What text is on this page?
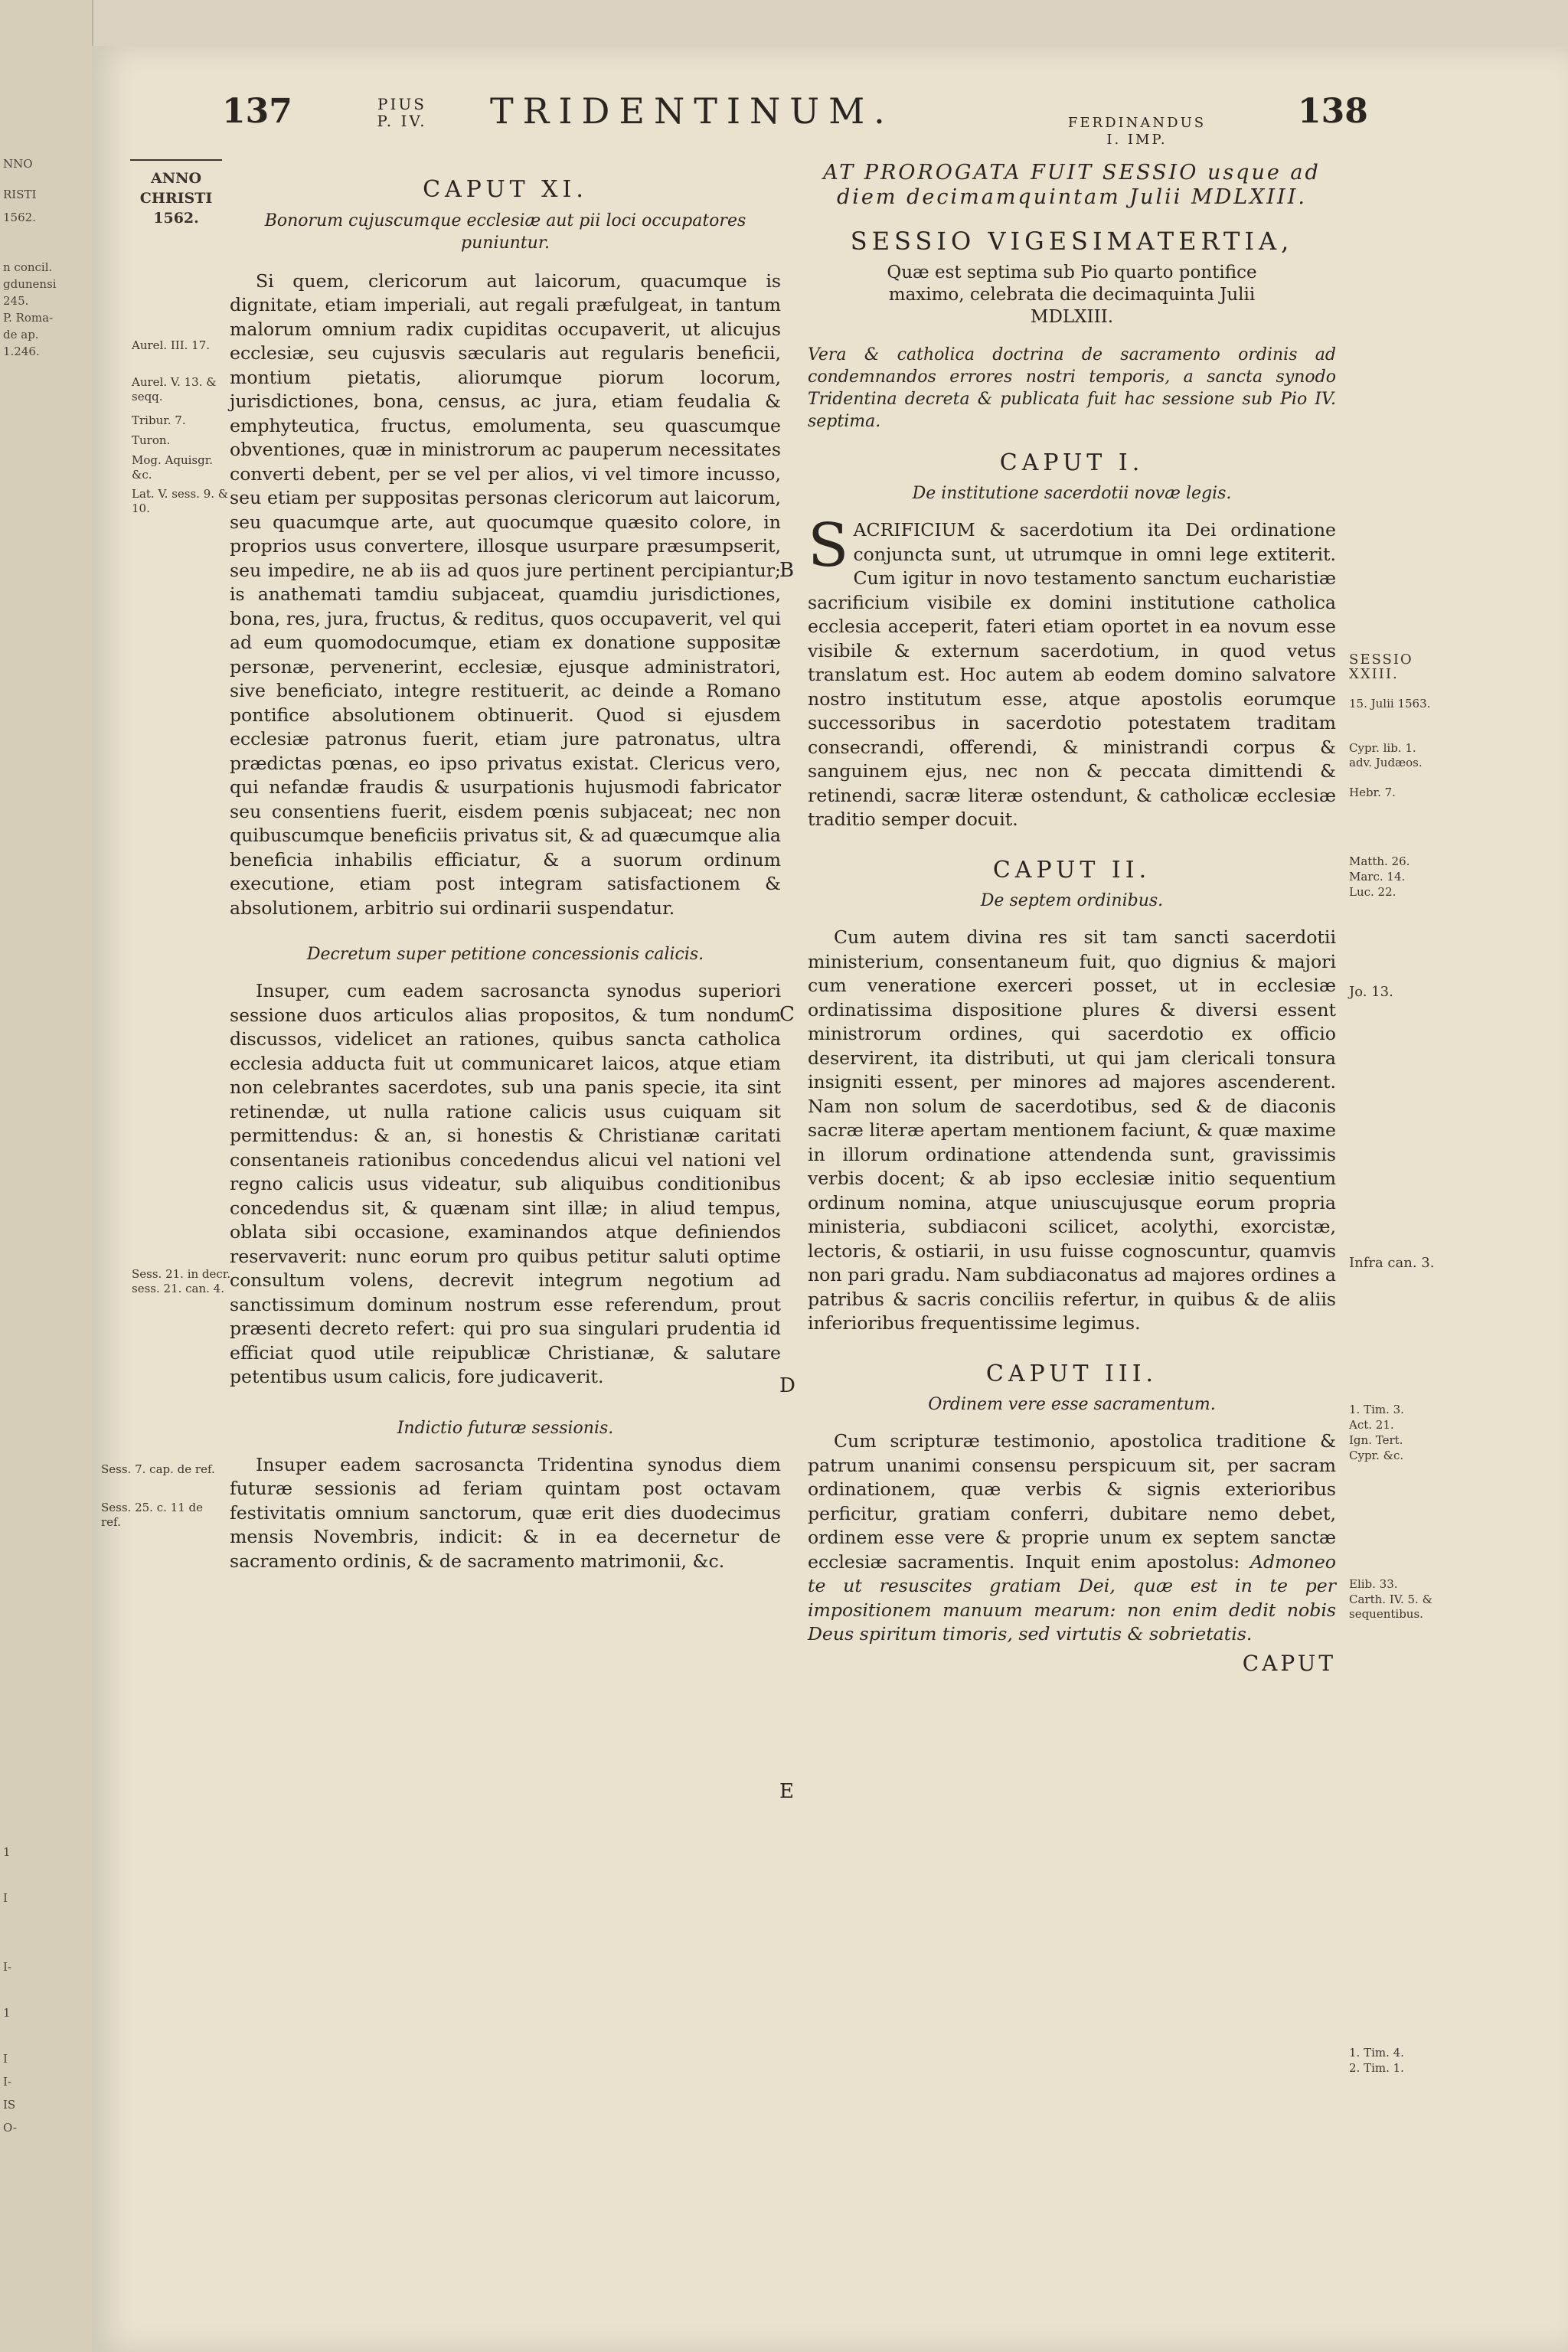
NNO
RISTI
1562.
n concil.
gdunensi
245.
P. Roma-
de ap.
1.246.
1
I
I-
1
I
I-
IS
O-
137	PIUS P. IV. TRIDENTINUM.	FERDINANDUS I. IMP.
138
ANNO CHRISTI 1562.
Aurel. III. 17.
Aurel. V. 13. & seqq.
Tribur. 7.
Turon.
Mog. Aquisgr. &c.
Lat. V. sess. 9. & 10.
Sess. 21. in decr. sess. 21. can. 4.
Sess. 7. cap. de ref.
Sess. 25. c. 11 de ref.
CAPUT XI.
Bonorum cujuscumque ecclesiæ aut pii loci occupatores puniuntur.

Si quem, clericorum aut laicorum, quacumque is dignitate, etiam imperiali, aut regali præfulgeat, in tantum malorum omnium radix cupiditas occupaverit, ut alicujus ecclesiæ, seu cujusvis sæcularis aut regularis beneficii, montium pietatis, aliorumque piorum locorum, jurisdictiones, bona, census, ac jura, etiam feudalia & emphyteutica, fructus, emolumenta, seu quascumque obventiones, quæ in ministrorum ac pauperum necessitates converti debent, per se vel per alios, vi vel timore incusso, seu etiam per suppositas personas clericorum aut laicorum, seu quacumque arte, aut quocumque quæsito colore, in proprios usus convertere, illosque usurpare præsumpserit, seu impedire, ne ab iis ad quos jure pertinent percipiantur; is anathemati tamdiu subjaceat, quamdiu jurisdictiones, bona, res, jura, fructus, & reditus, quos occupaverit, vel qui ad eum quomodocumque, etiam ex donatione suppositæ personæ, pervenerint, ecclesiæ, ejusque administratori, sive beneficiato, integre restituerit, ac deinde a Romano pontifice absolutionem obtinuerit. Quod si ejusdem ecclesiæ patronus fuerit, etiam jure patronatus, ultra prædictas pœnas, eo ipso privatus existat. Clericus vero, qui nefandæ fraudis & usurpationis hujusmodi fabricator seu consentiens fuerit, eisdem pœnis subjaceat; nec non quibuscumque beneficiis privatus sit, & ad quæcumque alia beneficia inhabilis efficiatur, & a suorum ordinum executione, etiam post integram satisfactionem & absolutionem, arbitrio sui ordinarii suspendatur.

Decretum super petitione concessionis calicis.

Insuper, cum eadem sacrosancta synodus superiori sessione duos articulos alias propositos, & tum nondum discussos, videlicet an rationes, quibus sancta catholica ecclesia adducta fuit ut communicaret laicos, atque etiam non celebrantes sacerdotes, sub una panis specie, ita sint retinendæ, ut nulla ratione calicis usus cuiquam sit permittendus: & an, si honestis & Christianæ caritati consentaneis rationibus concedendus alicui vel nationi vel regno calicis usus videatur, sub aliquibus conditionibus concedendus sit, & quænam sint illæ; in aliud tempus, oblata sibi occasione, examinandos atque definiendos reservaverit: nunc eorum pro quibus petitur saluti optime consultum volens, decrevit integrum negotium ad sanctissimum dominum nostrum esse referendum, prout præsenti decreto refert: qui pro sua singulari prudentia id efficiat quod utile reipublicæ Christianæ, & salutare petentibus usum calicis, fore judicaverit.

Indictio futuræ sessionis.

Insuper eadem sacrosancta Tridentina synodus diem futuræ sessionis ad feriam quintam post octavam festivitatis omnium sanctorum, quæ erit dies duodecimus mensis Novembris, indicit: & in ea decernetur de sacramento ordinis, & de sacramento matrimonii, &c.

B
C
D
E
AT PROROGATA FUIT SESSIO usque ad diem decimamquintam Julii MDLXIII.
SESSIO VIGESIMATERTIA,
Quæ est septima sub Pio quarto pontifice maximo, celebrata die decimaquinta Julii MDLXIII.
Vera & catholica doctrina de sacramento ordinis ad condemnandos errores nostri temporis, a sancta synodo Tridentina decreta & publicata fuit hac sessione sub Pio IV. septima.
CAPUT I.
De institutione sacerdotii novæ legis.

SACRIFICIUM & sacerdotium ita Dei ordinatione conjuncta sunt, ut utrumque in omni lege extiterit. Cum igitur in novo testamento sanctum eucharistiæ sacrificium visibile ex domini institutione catholica ecclesia acceperit, fateri etiam oportet in ea novum esse visibile & externum sacerdotium, in quod vetus translatum est. Hoc autem ab eodem domino salvatore nostro institutum esse, atque apostolis eorumque successoribus in sacerdotio potestatem traditam consecrandi, offerendi, & ministrandi corpus & sanguinem ejus, nec non & peccata dimittendi & retinendi, sacræ literæ ostendunt, & catholicæ ecclesiæ traditio semper docuit.

CAPUT II.
De septem ordinibus.

Cum autem divina res sit tam sancti sacerdotii ministerium, consentaneum fuit, quo dignius & majori cum veneratione exerceri posset, ut in ecclesiæ ordinatissima dispositione plures & diversi essent ministrorum ordines, qui sacerdotio ex officio deservirent, ita distributi, ut qui jam clericali tonsura insigniti essent, per minores ad majores ascenderent. Nam non solum de sacerdotibus, sed & de diaconis sacræ literæ apertam mentionem faciunt, & quæ maxime in illorum ordinatione attendenda sunt, gravissimis verbis docent; & ab ipso ecclesiæ initio sequentium ordinum nomina, atque uniuscujusque eorum propria ministeria, subdiaconi scilicet, acolythi, exorcistæ, lectoris, & ostiarii, in usu fuisse cognoscuntur, quamvis non pari gradu. Nam subdiaconatus ad majores ordines a patribus & sacris conciliis refertur, in quibus & de aliis inferioribus frequentissime legimus.

CAPUT III.
Ordinem vere esse sacramentum.

Cum scripturæ testimonio, apostolica traditione & patrum unanimi consensu perspicuum sit, per sacram ordinationem, quæ verbis & signis exterioribus perficitur, gratiam conferri, dubitare nemo debet, ordinem esse vere & proprie unum ex septem sanctæ ecclesiæ sacramentis. Inquit enim apostolus: Admoneo te ut resuscites gratiam Dei, quæ est in te per impositionem manuum mearum: non enim dedit nobis Deus spiritum timoris, sed virtutis & sobrietatis.

CAPUT
SESSIO XXIII.
15. Julii 1563.
Cypr. lib. 1. adv. Judæos.
Hebr. 7.
Matth. 26.
Marc. 14.
Luc. 22.
Jo. 13.
Infra can. 3.
1. Tim. 3.
Act. 21.
Ign. Tert.
Cypr. &c.
Elib. 33.
Carth. IV. 5. & sequentibus.
1. Tim. 4.
2. Tim. 1.
